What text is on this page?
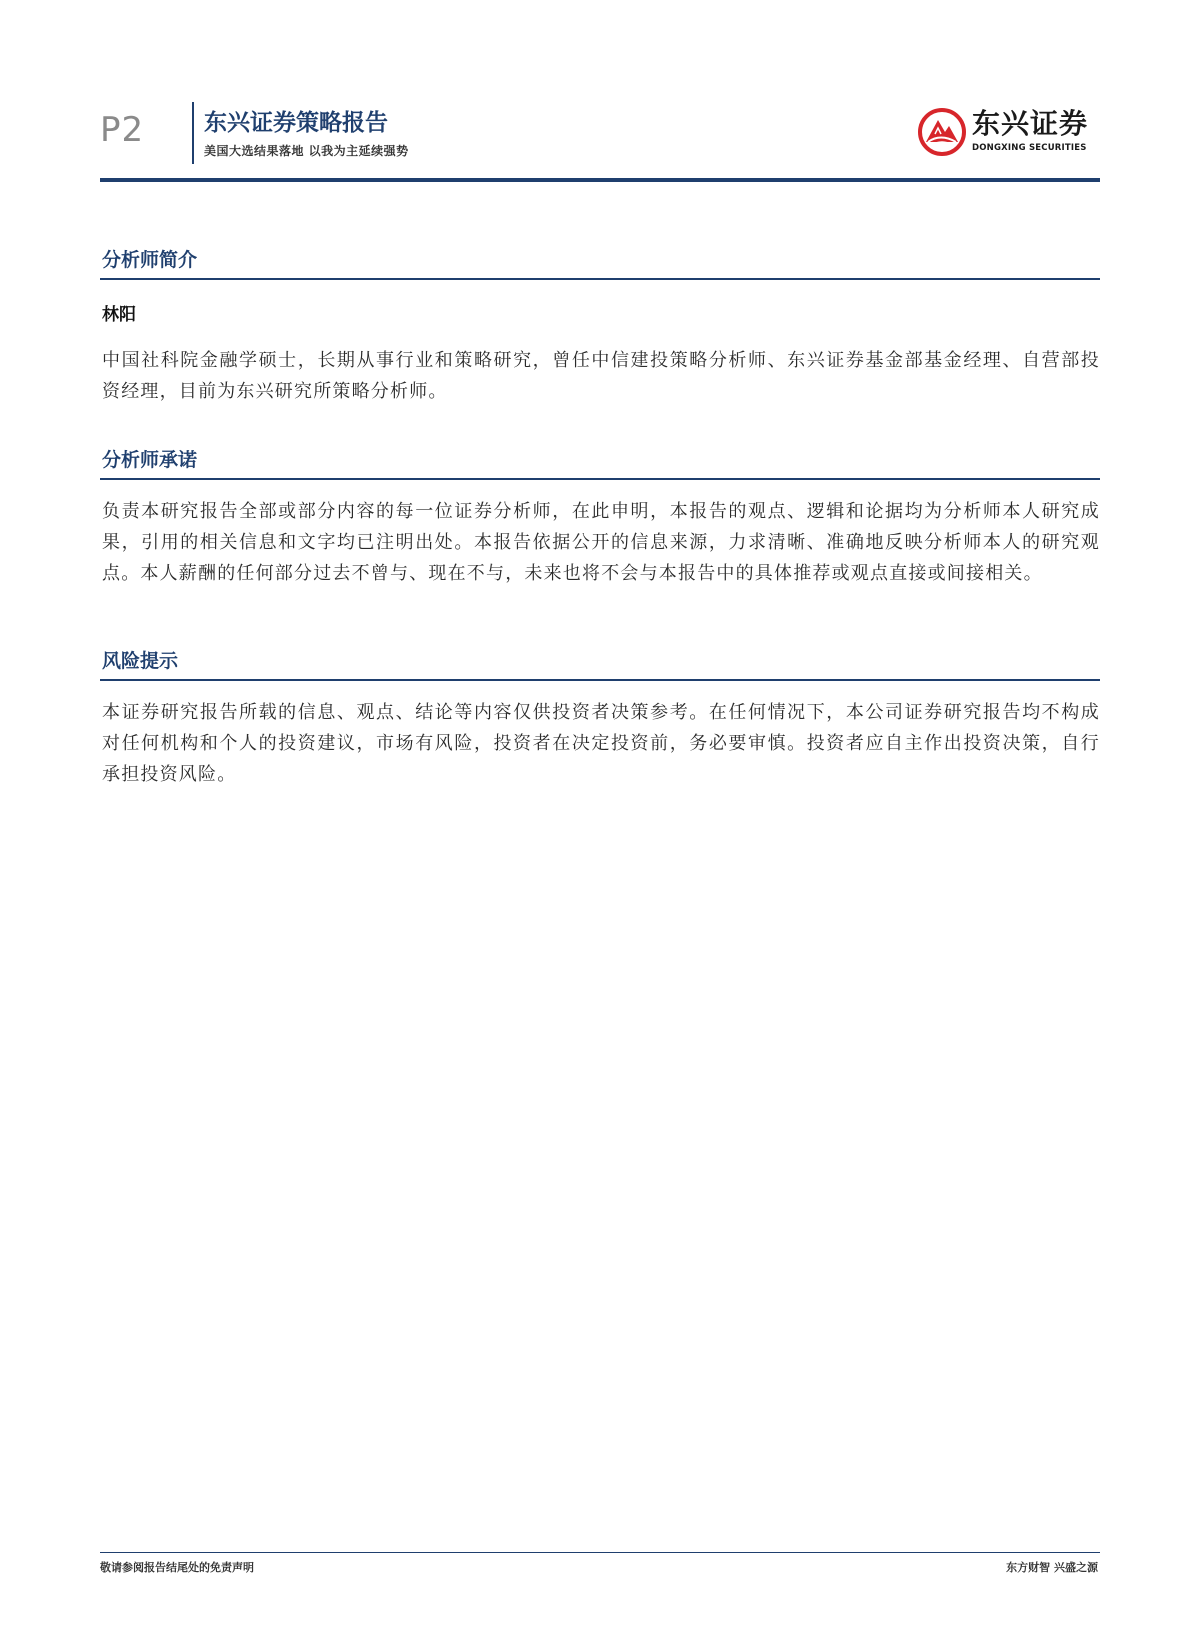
P2	东兴证券策略报告
美国大选结果落地 以我为主延续强势
东兴证券
DONGXING SECURITIES
分析师简介
林阳

中国社科院金融学硕士，长期从事行业和策略研究，曾任中信建投策略分析师、东兴证券基金部基金经理、自营部投资经理，目前为东兴研究所策略分析师。

分析师承诺

负责本研究报告全部或部分内容的每一位证券分析师，在此申明，本报告的观点、逻辑和论据均为分析师本人研究成果，引用的相关信息和文字均已注明出处。本报告依据公开的信息来源，力求清晰、准确地反映分析师本人的研究观点。本人薪酬的任何部分过去不曾与、现在不与，未来也将不会与本报告中的具体推荐或观点直接或间接相关。

风险提示

本证券研究报告所载的信息、观点、结论等内容仅供投资者决策参考。在任何情况下，本公司证券研究报告均不构成对任何机构和个人的投资建议，市场有风险，投资者在决定投资前，务必要审慎。投资者应自主作出投资决策，自行承担投资风险。

敬请参阅报告结尾处的免责声明	东方财智 兴盛之源
